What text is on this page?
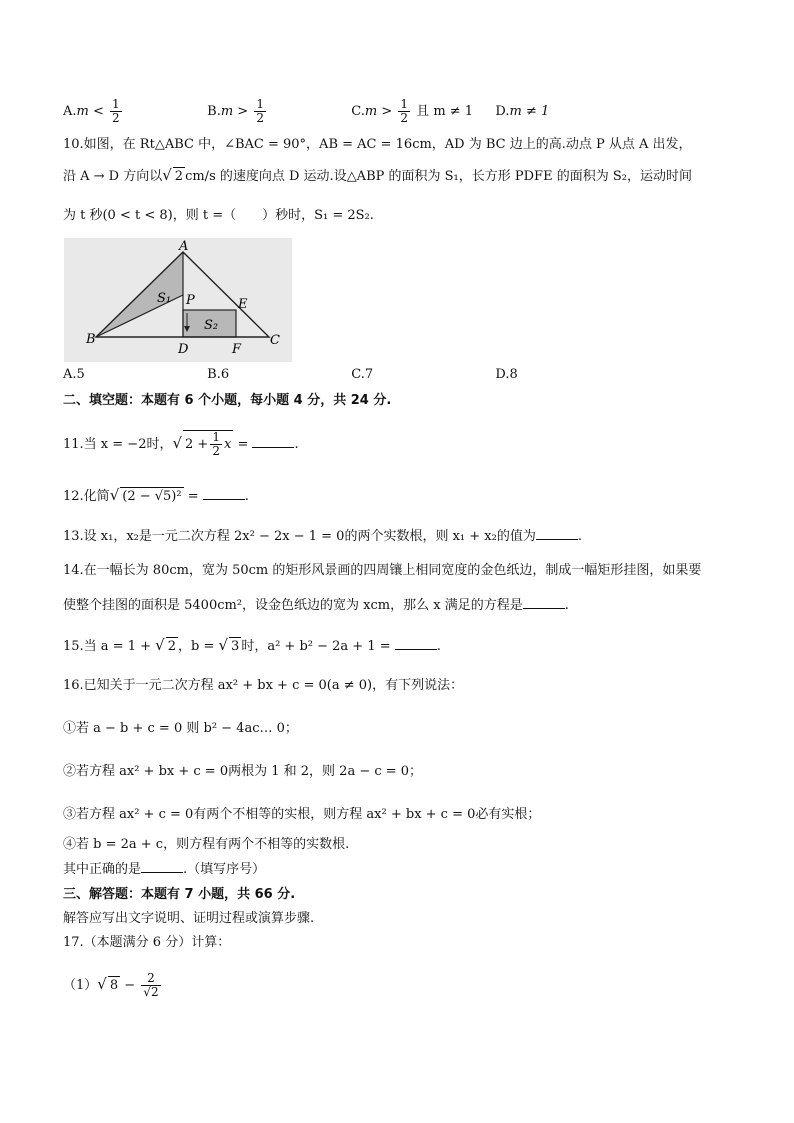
$A.m < \frac{1}{2}$	$B.m > \frac{1}{2}$	$C.m > \frac{1}{2}$ 且 m ≠ 1 D.m ≠ 1
10.如图，在 Rt△ABC 中，∠BAC = 90°，AB = AC = 16cm，AD 为 BC 边上的高.动点 P 从点 A 出发，
沿 A → D 方向以√ 2 cm/s 的速度向点 D 运动.设△ABP 的面积为 S₁，长方形 PDFE 的面积为 S₂，运动时间
为 t 秒(0 < t < 8)，则 t =（　　）秒时，S₁ = 2S₂.
A
B	C
D
E
F
P
S₁
S₂
A.5	B.6	C.7	D.8
二、填空题：本题有 6 个小题，每小题 4 分，共 24 分.
11.当 x = −2时，√ $2 + \frac{1}{2}$ x =	.
12.化简√ (2 − √5)² =	.
13.设 x₁，x₂是一元二次方程 2x² − 2x − 1 = 0的两个实数根，则 x₁ + x₂的值为	.
14.在一幅长为 80cm，宽为 50cm 的矩形风景画的四周镶上相同宽度的金色纸边，制成一幅矩形挂图，如果要
使整个挂图的面积是 5400cm²，设金色纸边的宽为 xcm，那么 x 满足的方程是	.
15.当 a = 1 + √ 2 ，b = √ 3 时，a² + b² − 2a + 1 =	.
16.已知关于一元二次方程 ax² + bx + c = 0(a ≠ 0)，有下列说法：
①若 a − b + c = 0 则 b² − 4ac… 0；
②若方程 ax² + bx + c = 0两根为 1 和 2，则 2a − c = 0；
③若方程 ax² + c = 0有两个不相等的实根，则方程 ax² + bx + c = 0必有实根；
④若 b = 2a + c，则方程有两个不相等的实数根.
其中正确的是	.（填写序号）
三、解答题：本题有 7 小题，共 66 分.
解答应写出文字说明、证明过程或演算步骤.
17.（本题满分 6 分）计算：
（1）√ $8 - \frac{2}{√2}$
